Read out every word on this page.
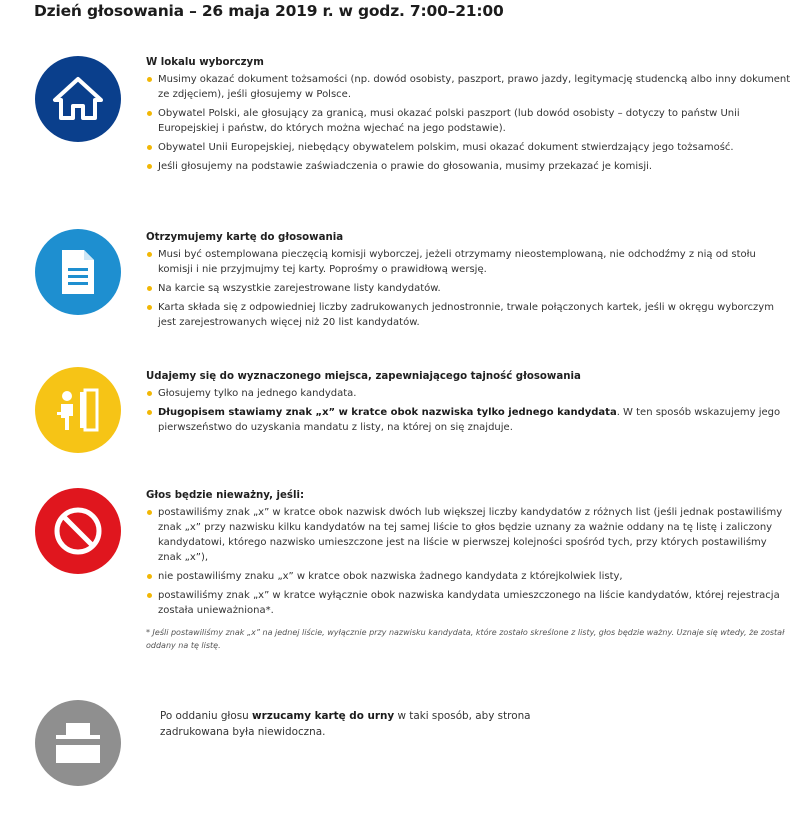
Dzień głosowania – 26 maja 2019 r. w godz. 7:00–21:00
W lokalu wyborczym
Musimy okazać dokument tożsamości (np. dowód osobisty, paszport, prawo jazdy, legitymację studencką albo inny dokument ze zdjęciem), jeśli głosujemy w Polsce.
Obywatel Polski, ale głosujący za granicą, musi okazać polski paszport (lub dowód osobisty – dotyczy to państw Unii Europejskiej i państw, do których można wjechać na jego podstawie).
Obywatel Unii Europejskiej, niebędący obywatelem polskim, musi okazać dokument stwierdzający jego tożsamość.
Jeśli głosujemy na podstawie zaświadczenia o prawie do głosowania, musimy przekazać je komisji.
Otrzymujemy kartę do głosowania
Musi być ostemplowana pieczęcią komisji wyborczej, jeżeli otrzymamy nieostemplowaną, nie odchodźmy z nią od stołu komisji i nie przyjmujmy tej karty. Poprośmy o prawidłową wersję.
Na karcie są wszystkie zarejestrowane listy kandydatów.
Karta składa się z odpowiedniej liczby zadrukowanych jednostronnie, trwale połączonych kartek, jeśli w okręgu wyborczym jest zarejestrowanych więcej niż 20 list kandydatów.
Udajemy się do wyznaczonego miejsca, zapewniającego tajność głosowania
Głosujemy tylko na jednego kandydata.
Długopisem stawiamy znak „x” w kratce obok nazwiska tylko jednego kandydata. W ten sposób wskazujemy jego pierwszeństwo do uzyskania mandatu z listy, na której on się znajduje.
Głos będzie nieważny, jeśli:
postawiliśmy znak „x” w kratce obok nazwisk dwóch lub większej liczby kandydatów z różnych list (jeśli jednak postawiliśmy znak „x” przy nazwisku kilku kandydatów na tej samej liście to głos będzie uznany za ważnie oddany na tę listę i zaliczony kandydatowi, którego nazwisko umieszczone jest na liście w pierwszej kolejności spośród tych, przy których postawiliśmy znak „x”),
nie postawiliśmy znaku „x” w kratce obok nazwiska żadnego kandydata z którejkolwiek listy,
postawiliśmy znak „x” w kratce wyłącznie obok nazwiska kandydata umieszczonego na liście kandydatów, której rejestracja została unieważniona*.
* Jeśli postawiliśmy znak „x” na jednej liście, wyłącznie przy nazwisku kandydata, które zostało skreślone z listy, głos będzie ważny. Uznaje się wtedy, że został oddany na tę listę.
Po oddaniu głosu wrzucamy kartę do urny w taki sposób, aby strona zadrukowana była niewidoczna.
